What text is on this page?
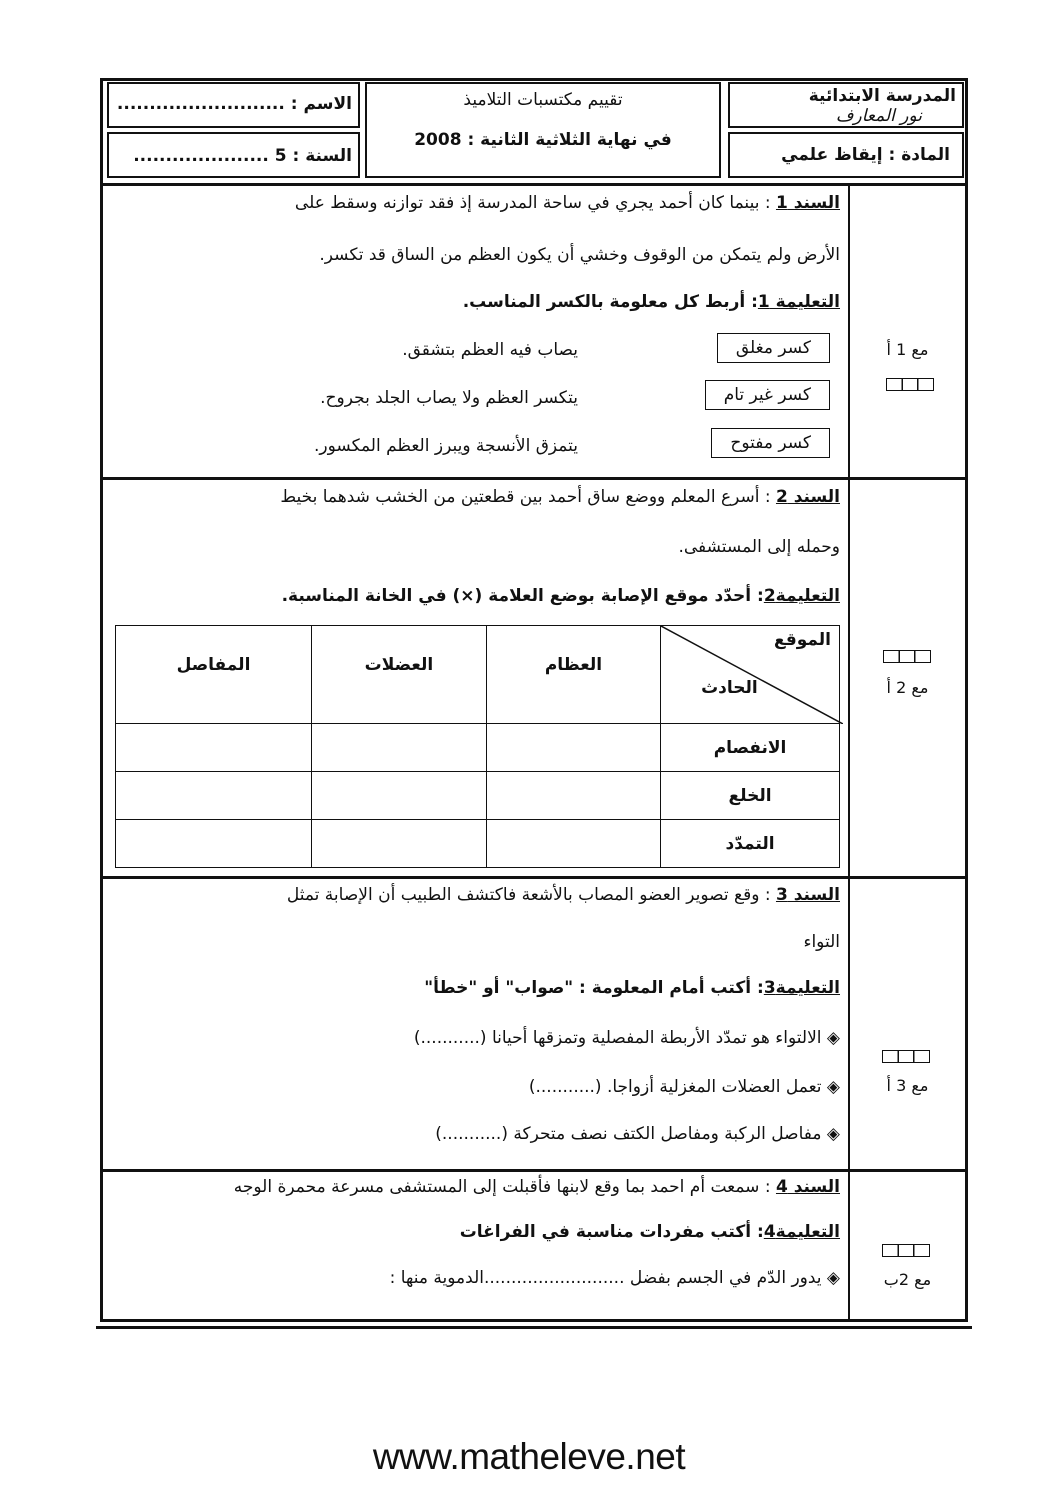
المدرسة الابتدائية
نور المعارف
المادة : إيقاظ علمي
تقييم مكتسبات التلاميذ
في نهاية الثلاثية الثانية : 2008
الاسم : ..........................
السنة : 5 .....................
السند 1 : بينما كان أحمد يجري في ساحة المدرسة إذ فقد توازنه وسقط على
الأرض ولم يتمكن من الوقوف وخشي أن يكون العظم من الساق قد تكسر.
التعليمة 1: أربط كل معلومة بالكسر المناسب.
كسر مغلق
كسر غير تام
كسر مفتوح
يصاب فيه العظم بتشقق.
يتكسر العظم ولا يصاب الجلد بجروح.
يتمزق الأنسجة ويبرز العظم المكسور.
مع 1 أ
السند 2 : أسرع المعلم ووضع ساق أحمد بين قطعتين من الخشب شدهما بخيط
وحمله إلى المستشفى.
التعليمة2: أحدّد موقع الإصابة بوضع العلامة (×) في الخانة المناسبة.
المفاصل	العضلات	العظام	الموقع
الحادث

			الانفصام
			الخلع
			التمدّد
مع 2 أ
السند 3 : وقع تصوير العضو المصاب بالأشعة فاكتشف الطبيب أن الإصابة تمثل
التواء
التعليمة3: أكتب أمام المعلومة : "صواب" أو "خطأ"
◈ الالتواء هو تمدّد الأربطة المفصلية وتمزقها أحيانا (...........)
◈ تعمل العضلات المغزلية أزواجا. (...........)
◈ مفاصل الركبة ومفاصل الكتف نصف متحركة (...........)
مع 3 أ
السند 4 : سمعت أم احمد بما وقع لابنها فأقبلت إلى المستشفى مسرعة محمرة الوجه
التعليمة4: أكتب مفردات مناسبة في الفراغات
◈ يدور الدّم في الجسم بفضل ..........................الدموية منها :	مع 2ب
www.matheleve.net
